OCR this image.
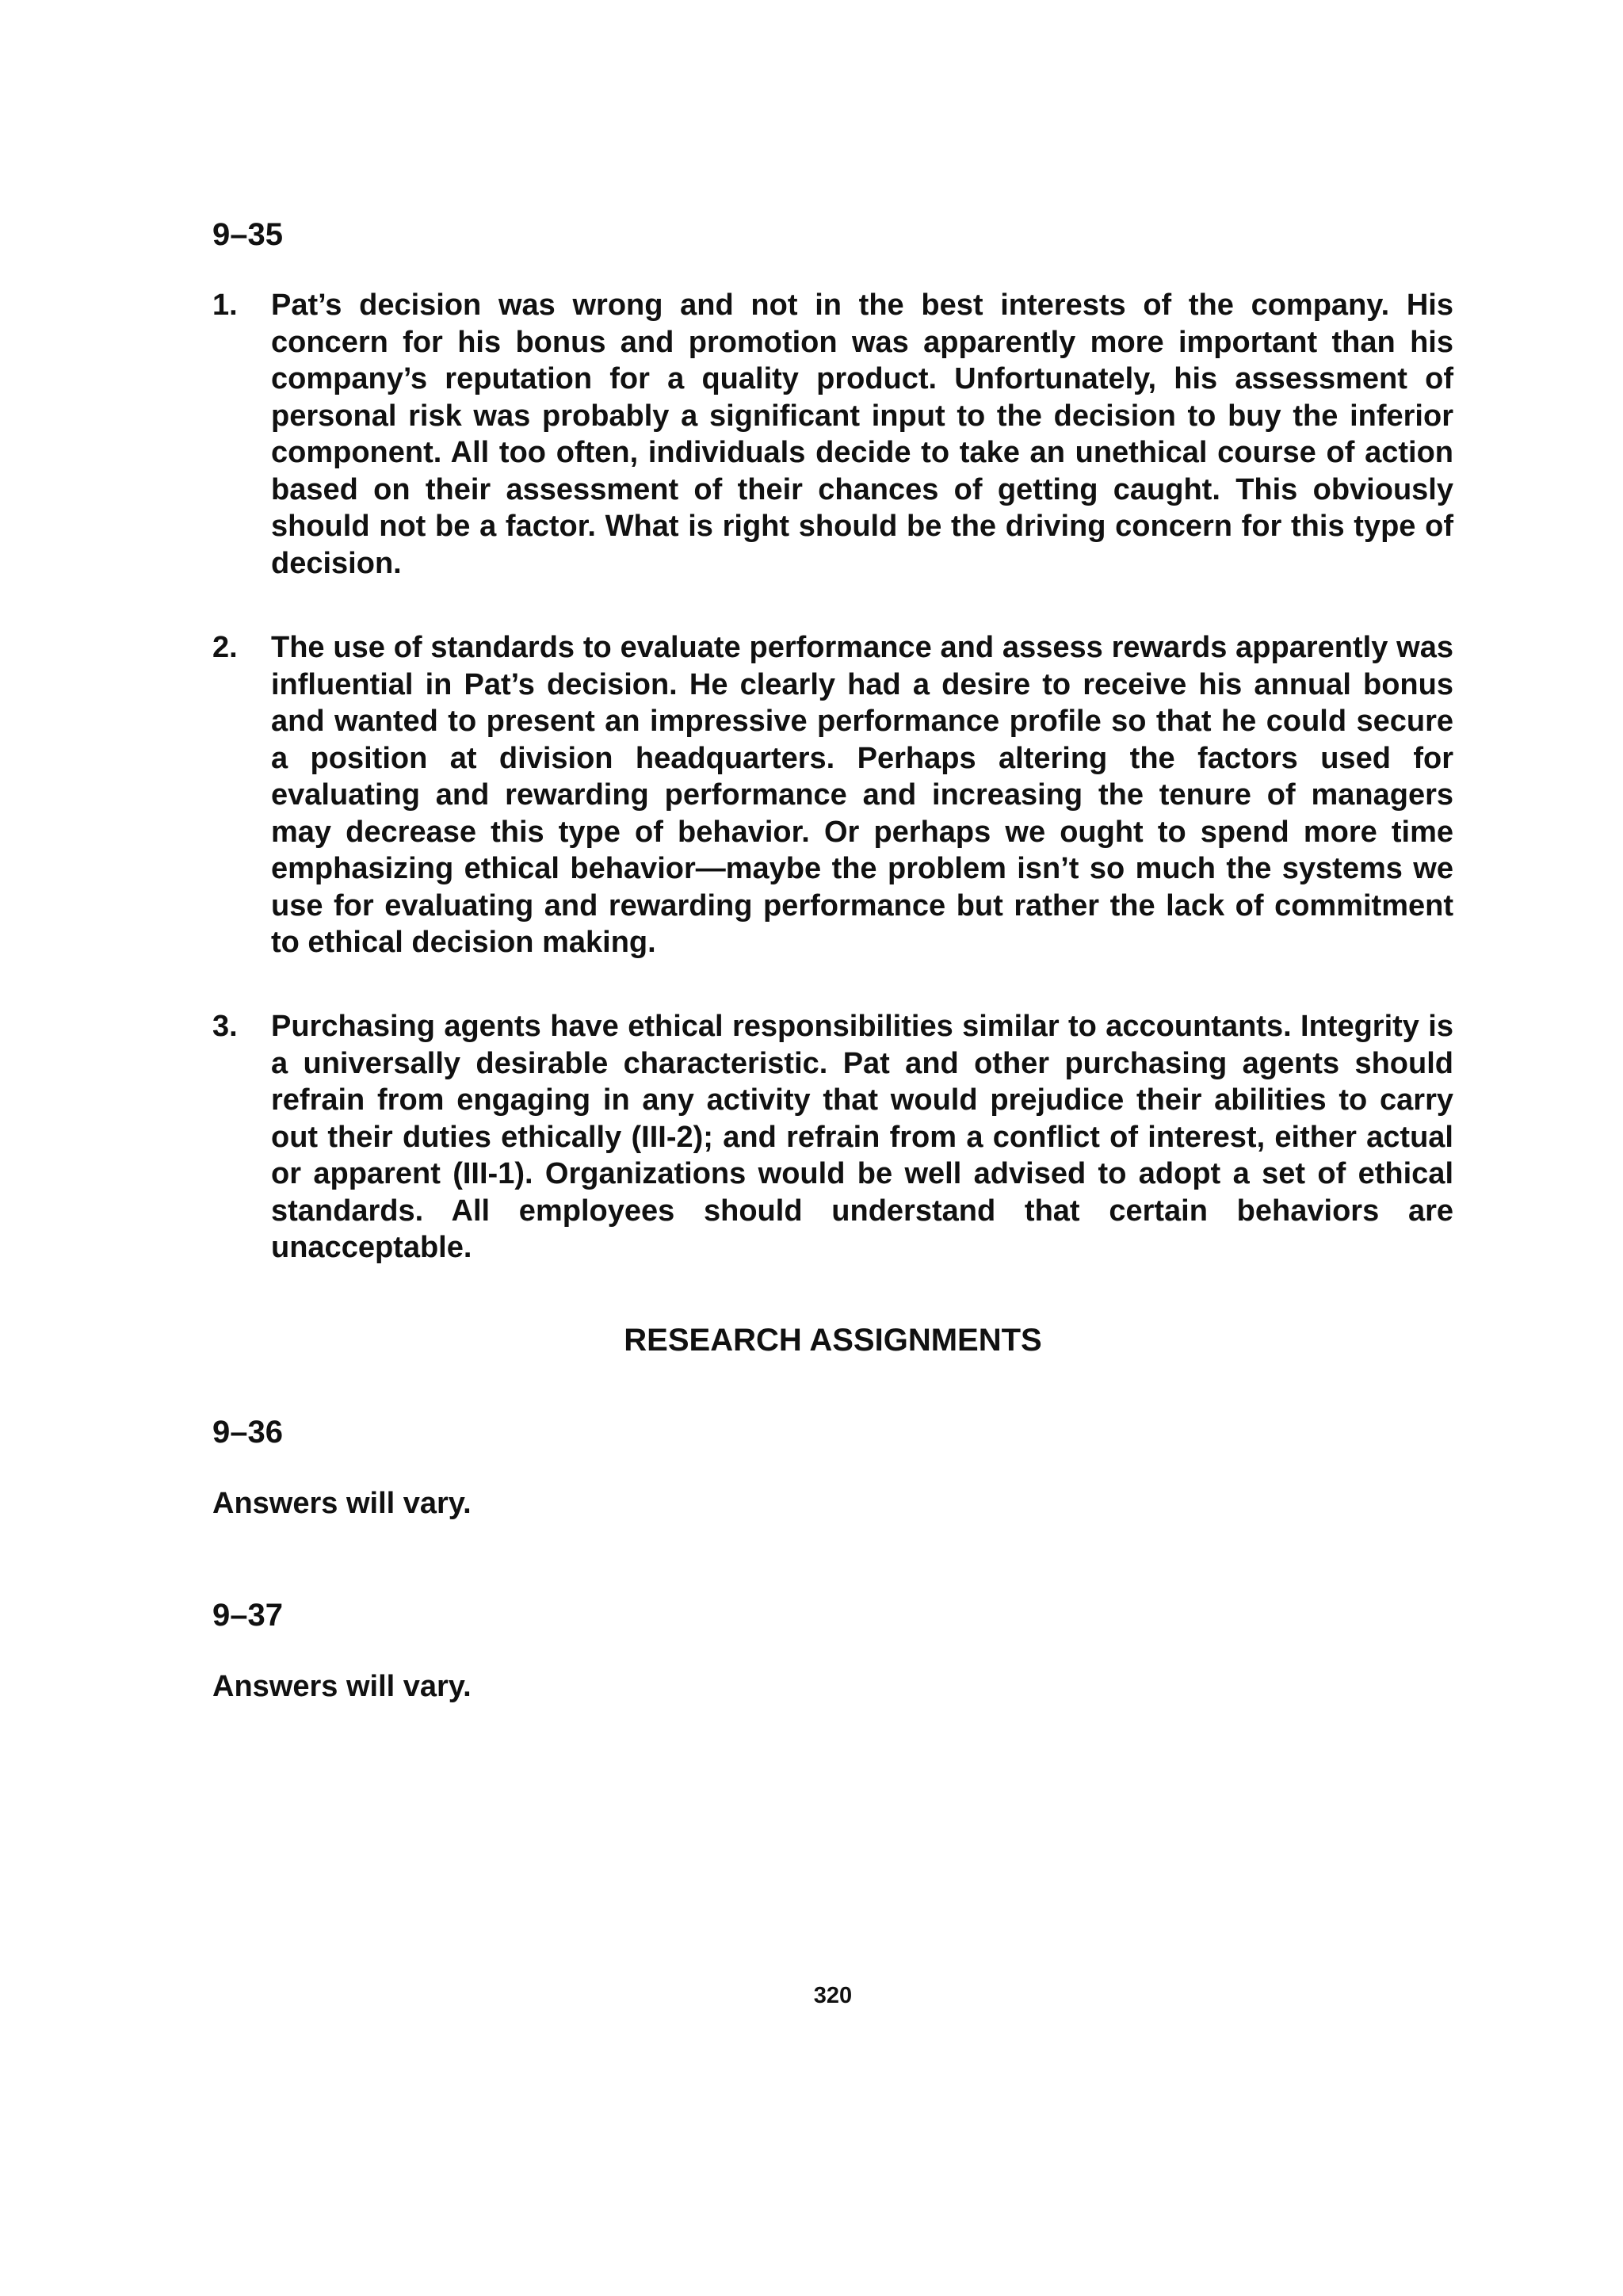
9–35
1. Pat’s decision was wrong and not in the best interests of the company. His concern for his bonus and promotion was apparently more important than his company’s reputation for a quality product. Unfortunately, his assessment of personal risk was probably a significant input to the decision to buy the inferior component. All too often, individuals decide to take an unethical course of action based on their assessment of their chances of getting caught. This obviously should not be a factor. What is right should be the driving concern for this type of decision.

2. The use of standards to evaluate performance and assess rewards apparently was influential in Pat’s decision. He clearly had a desire to receive his annual bonus and wanted to present an impressive performance profile so that he could secure a position at division headquarters. Perhaps altering the factors used for evaluating and rewarding performance and increasing the tenure of managers may decrease this type of behavior. Or perhaps we ought to spend more time emphasizing ethical behavior—maybe the problem isn’t so much the systems we use for evaluating and rewarding performance but rather the lack of commitment to ethical decision making.

3. Purchasing agents have ethical responsibilities similar to accountants. Integrity is a universally desirable characteristic. Pat and other purchasing agents should refrain from engaging in any activity that would prejudice their abilities to carry out their duties ethically (III-2); and refrain from a conflict of interest, either actual or apparent (III-1). Organizations would be well advised to adopt a set of ethical standards. All employees should understand that certain behaviors are unacceptable.

RESEARCH ASSIGNMENTS
9–36
Answers will vary.
9–37
Answers will vary.
320
